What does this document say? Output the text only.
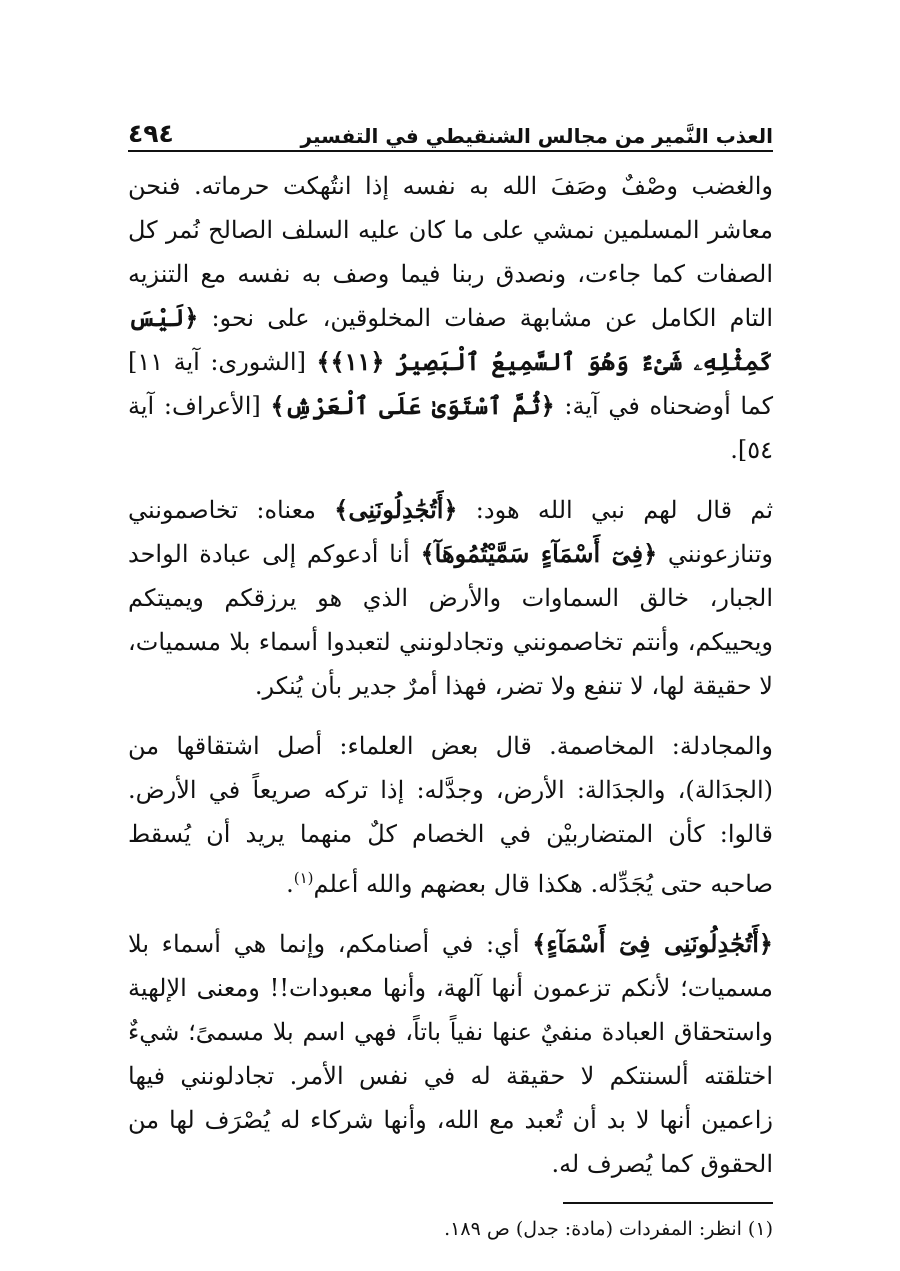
العذب النَّمير من مجالس الشنقيطي في التفسير
٤٩٤

والغضب وصْفٌ وصَفَ الله به نفسه إذا انتُهكت حرماته. فنحن معاشر المسلمين نمشي على ما كان عليه السلف الصالح نُمر كل الصفات كما جاءت، ونصدق ربنا فيما وصف به نفسه مع التنزيه التام الكامل عن مشابهة صفات المخلوقين، على نحو: ﴿لَيْسَ كَمِثْلِهِۦ شَىْءٌ وَهُوَ ٱلسَّمِيعُ ٱلْبَصِيرُ ﴿١١﴾﴾ [الشورى: آية ١١] كما أوضحناه في آية: ﴿ثُمَّ ٱسْتَوَىٰ عَلَى ٱلْعَرْشِ﴾ [الأعراف: آية ٥٤].

ثم قال لهم نبي الله هود: ﴿أَتُجَٰدِلُونَنِى﴾ معناه: تخاصمونني وتنازعونني ﴿فِىٓ أَسْمَآءٍ سَمَّيْتُمُوهَآ﴾ أنا أدعوكم إلى عبادة الواحد الجبار، خالق السماوات والأرض الذي هو يرزقكم ويميتكم ويحييكم، وأنتم تخاصمونني وتجادلونني لتعبدوا أسماء بلا مسميات، لا حقيقة لها، لا تنفع ولا تضر، فهذا أمرٌ جدير بأن يُنكر.

والمجادلة: المخاصمة. قال بعض العلماء: أصل اشتقاقها من (الجدَالة)، والجدَالة: الأرض، وجدَّله: إذا تركه صريعاً في الأرض. قالوا: كأن المتضاربيْن في الخصام كلٌ منهما يريد أن يُسقط صاحبه حتى يُجَدِّله. هكذا قال بعضهم والله أعلم$^{(١)}$.

﴿أَتُجَٰدِلُونَنِى فِىٓ أَسْمَآءٍ﴾ أي: في أصنامكم، وإنما هي أسماء بلا مسميات؛ لأنكم تزعمون أنها آلهة، وأنها معبودات!! ومعنى الإلهية واستحقاق العبادة منفيٌ عنها نفياً باتاً، فهي اسم بلا مسمىً؛ شيءٌ اختلقته ألسنتكم لا حقيقة له في نفس الأمر. تجادلونني فيها زاعمين أنها لا بد أن تُعبد مع الله، وأنها شركاء له يُصْرَف لها من الحقوق كما يُصرف له.

(١) انظر: المفردات (مادة: جدل) ص ١٨٩.
